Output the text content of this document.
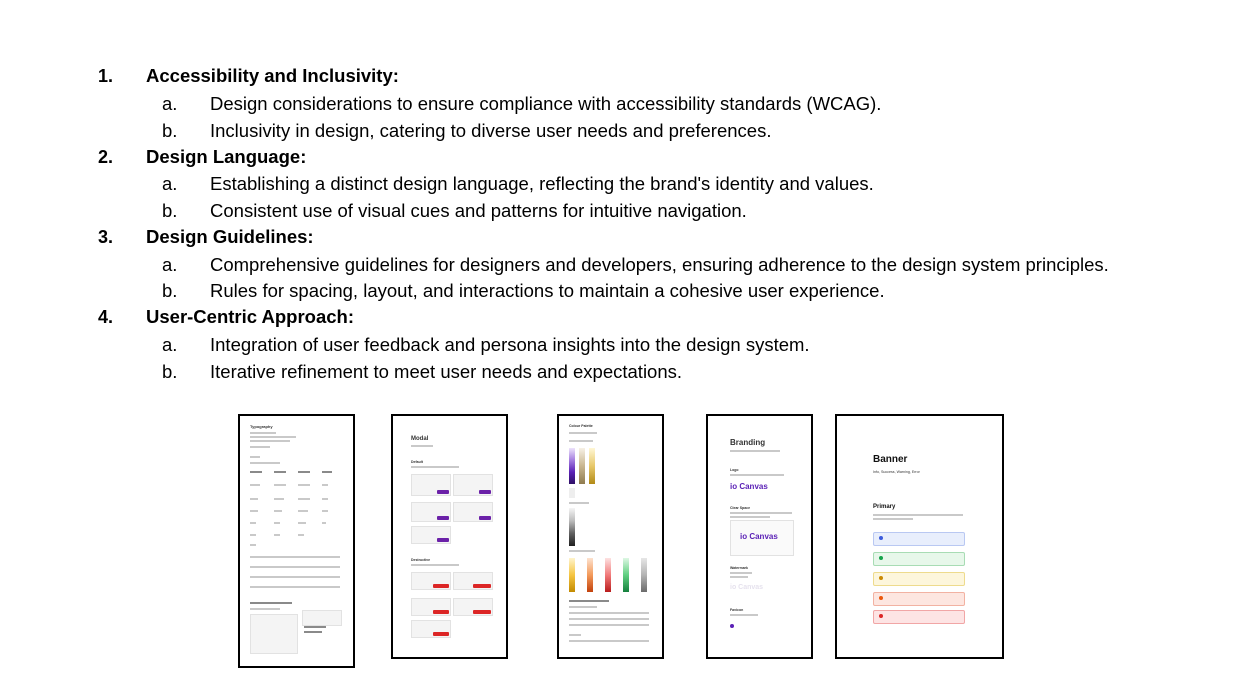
1. Accessibility and Inclusivity:
a. Design considerations to ensure compliance with accessibility standards (WCAG).
b. Inclusivity in design, catering to diverse user needs and preferences.
2. Design Language:
a. Establishing a distinct design language, reflecting the brand's identity and values.
b. Consistent use of visual cues and patterns for intuitive navigation.
3. Design Guidelines:
a. Comprehensive guidelines for designers and developers, ensuring adherence to the design system principles.
b. Rules for spacing, layout, and interactions to maintain a cohesive user experience.
4. User-Centric Approach:
a. Integration of user feedback and persona insights into the design system.
b. Iterative refinement to meet user needs and expectations.
Typography
Modal
Default
Destructive
Colour Palette
Branding
Logo
io Canvas
Clear Space
io Canvas
Watermark
io Canvas
Favicon
Banner
Info, Success, Warning, Error
Primary
